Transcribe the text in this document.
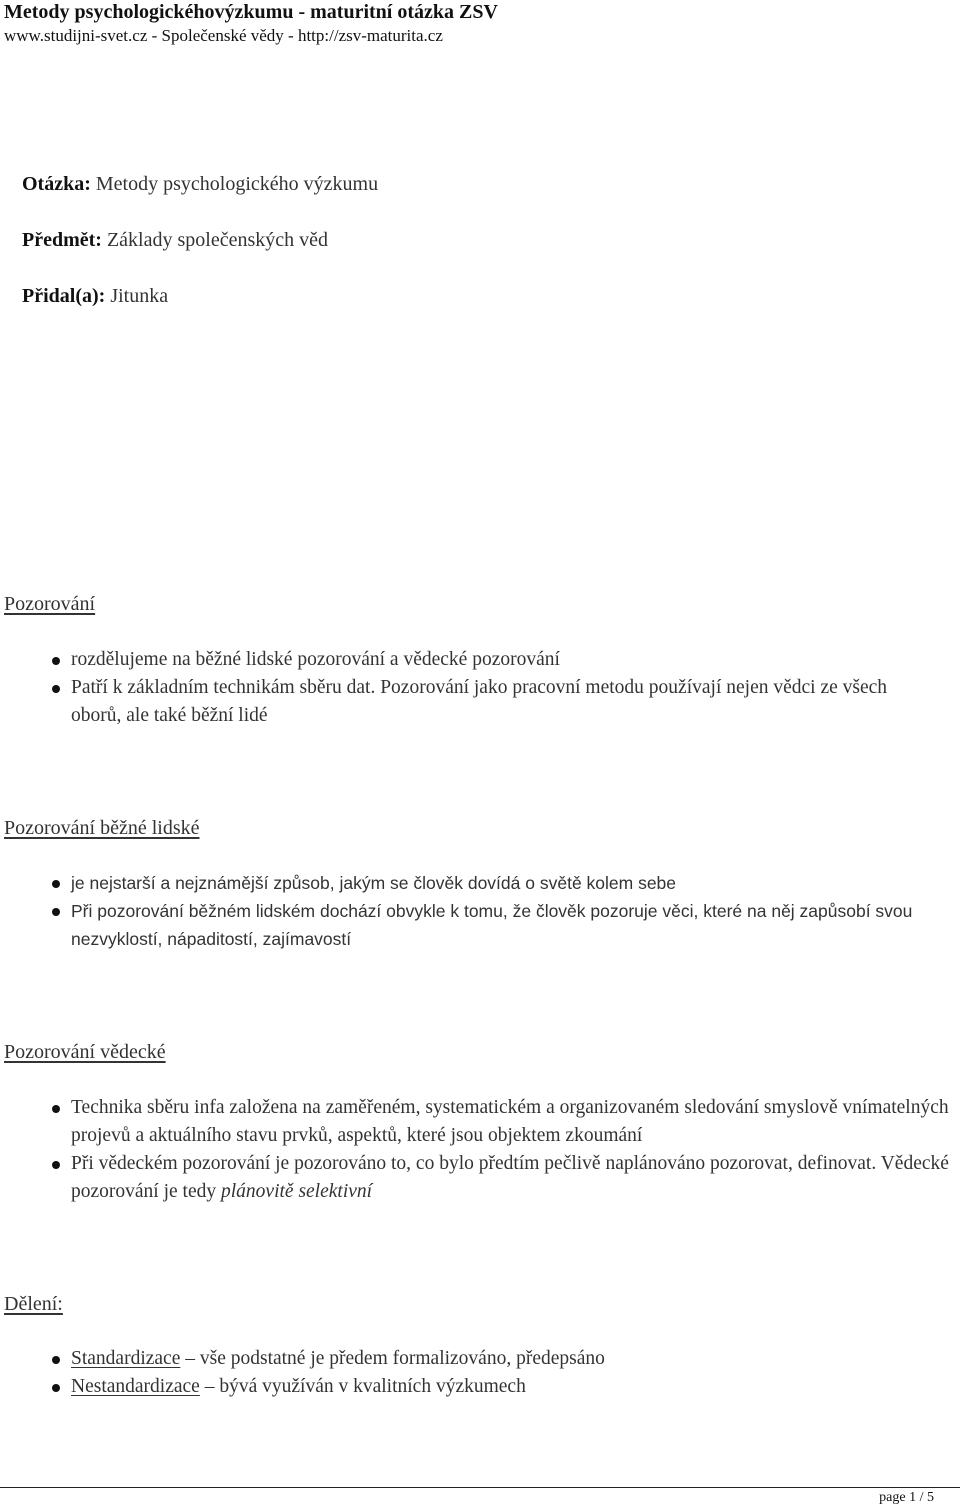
Metody psychologickéhovýzkumu - maturitní otázka ZSV
www.studijni-svet.cz - Společenské vědy - http://zsv-maturita.cz
Otázka: Metody psychologického výzkumu
Předmět: Základy společenských věd
Přidal(a): Jitunka
Pozorování
rozdělujeme na běžné lidské pozorování a vědecké pozorování
Patří k základním technikám sběru dat. Pozorování jako pracovní metodu používají nejen vědci ze všech oborů, ale také běžní lidé
Pozorování běžné lidské
je nejstarší a nejznámější způsob, jakým se člověk dovídá o světě kolem sebe
Při pozorování běžném lidském dochází obvykle k tomu, že člověk pozoruje věci, které na něj zapůsobí svou nezvyklostí, nápaditostí, zajímavostí
Pozorování vědecké
Technika sběru infa založena na zaměřeném, systematickém a organizovaném sledování smyslově vnímatelných projevů a aktuálního stavu prvků, aspektů, které jsou objektem zkoumání
Při vědeckém pozorování je pozorováno to, co bylo předtím pečlivě naplánováno pozorovat, definovat. Vědecké pozorování je tedy plánovitě selektivní
Dělení:
Standardizace – vše podstatné je předem formalizováno, předepsáno
Nestandardizace – bývá využíván v kvalitních výzkumech
page 1 / 5
